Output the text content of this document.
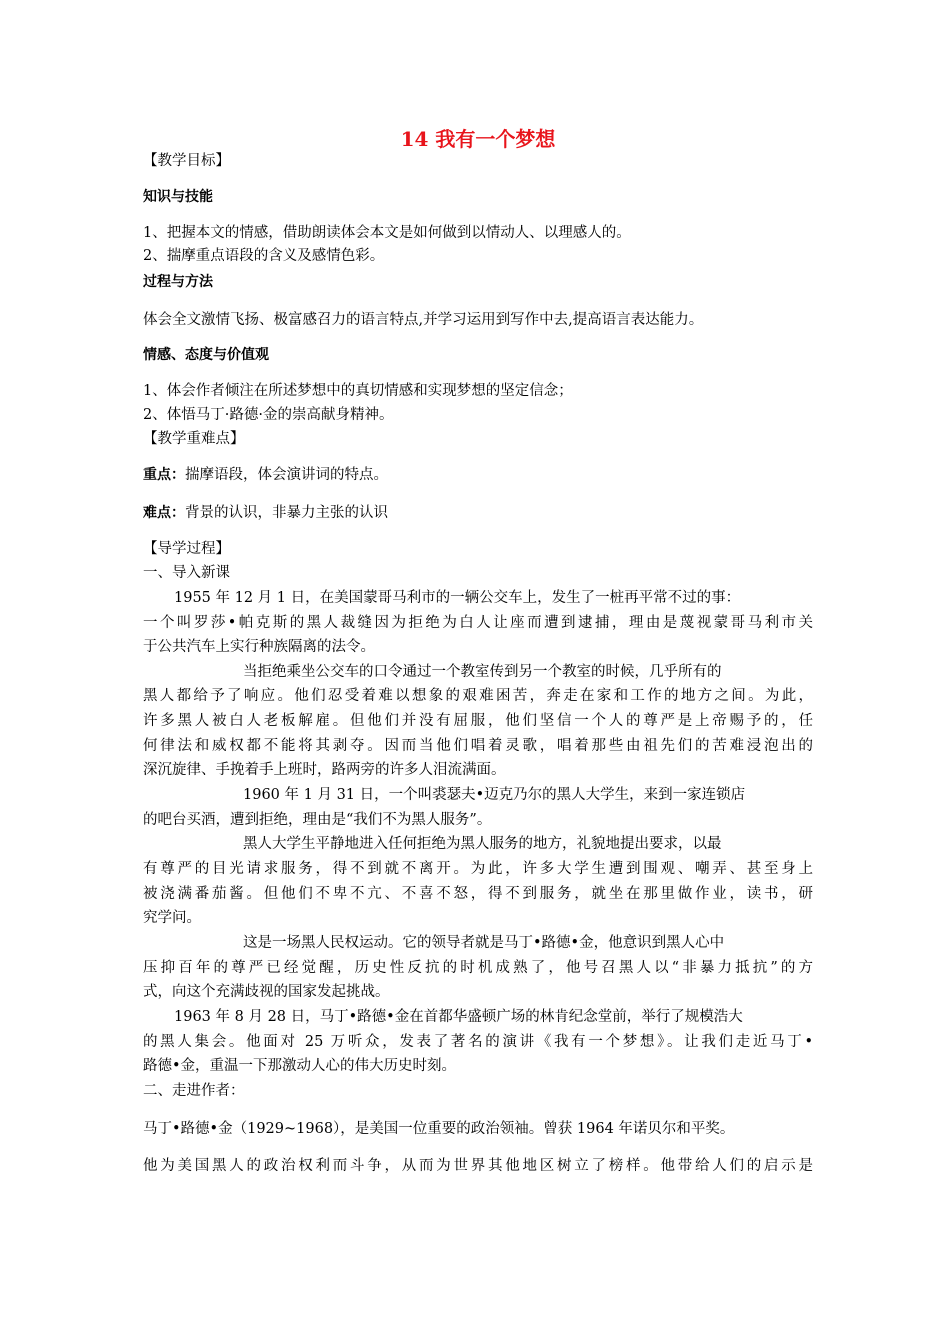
14 我有一个梦想
【教学目标】
知识与技能
1、把握本文的情感，借助朗读体会本文是如何做到以情动人、以理感人的。
2、揣摩重点语段的含义及感情色彩。
过程与方法
体会全文激情飞扬、极富感召力的语言特点,并学习运用到写作中去,提高语言表达能力。
情感、态度与价值观
1、体会作者倾注在所述梦想中的真切情感和实现梦想的坚定信念；
2、体悟马丁·路德·金的崇高献身精神。
【教学重难点】
重点：揣摩语段，体会演讲词的特点。
难点：背景的认识，非暴力主张的认识
【导学过程】
一、导入新课
1955 年 12 月 1 日，在美国蒙哥马利市的一辆公交车上，发生了一桩再平常不过的事：
一个叫罗莎•帕克斯的黑人裁缝因为拒绝为白人让座而遭到逮捕，理由是蔑视蒙哥马利市关
于公共汽车上实行种族隔离的法令。
当拒绝乘坐公交车的口令通过一个教室传到另一个教室的时候，几乎所有的
黑人都给予了响应。他们忍受着难以想象的艰难困苦，奔走在家和工作的地方之间。为此，
许多黑人被白人老板解雇。但他们并没有屈服，他们坚信一个人的尊严是上帝赐予的，任
何律法和威权都不能将其剥夺。因而当他们唱着灵歌，唱着那些由祖先们的苦难浸泡出的
深沉旋律、手挽着手上班时，路两旁的许多人泪流满面。
1960 年 1 月 31 日，一个叫裘瑟夫•迈克乃尔的黑人大学生，来到一家连锁店
的吧台买酒，遭到拒绝，理由是“我们不为黑人服务”。
黑人大学生平静地进入任何拒绝为黑人服务的地方，礼貌地提出要求，以最
有尊严的目光请求服务，得不到就不离开。为此，许多大学生遭到围观、嘲弄、甚至身上
被浇满番茄酱。但他们不卑不亢、不喜不怒，得不到服务，就坐在那里做作业，读书，研
究学问。
这是一场黑人民权运动。它的领导者就是马丁•路德•金，他意识到黑人心中
压抑百年的尊严已经觉醒，历史性反抗的时机成熟了，他号召黑人以“非暴力抵抗”的方
式，向这个充满歧视的国家发起挑战。
1963 年 8 月 28 日，马丁•路德•金在首都华盛顿广场的林肯纪念堂前，举行了规模浩大
的黑人集会。他面对 25 万听众，发表了著名的演讲《我有一个梦想》。让我们走近马丁•
路德•金，重温一下那激动人心的伟大历史时刻。
二、走进作者：
马丁•路德•金（1929~1968），是美国一位重要的政治领袖。曾获 1964 年诺贝尔和平奖。
他为美国黑人的政治权利而斗争，从而为世界其他地区树立了榜样。他带给人们的启示是
